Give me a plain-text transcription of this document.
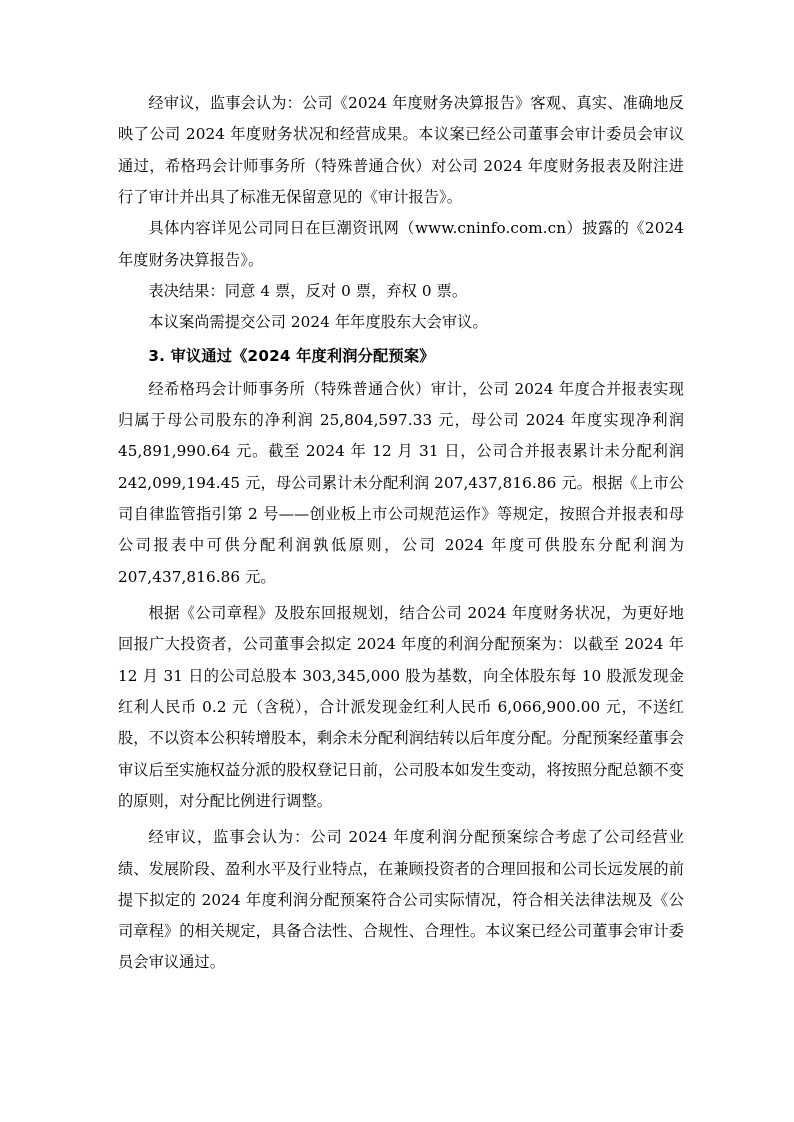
经审议，监事会认为：公司《2024 年度财务决算报告》客观、真实、准确地反映了公司 2024 年度财务状况和经营成果。本议案已经公司董事会审计委员会审议通过，希格玛会计师事务所（特殊普通合伙）对公司 2024 年度财务报表及附注进行了审计并出具了标准无保留意见的《审计报告》。

具体内容详见公司同日在巨潮资讯网（www.cninfo.com.cn）披露的《2024 年度财务决算报告》。

表决结果：同意 4 票，反对 0 票，弃权 0 票。

本议案尚需提交公司 2024 年年度股东大会审议。

3. 审议通过《2024 年度利润分配预案》

经希格玛会计师事务所（特殊普通合伙）审计，公司 2024 年度合并报表实现归属于母公司股东的净利润 25,804,597.33 元，母公司 2024 年度实现净利润 45,891,990.64 元。截至 2024 年 12 月 31 日，公司合并报表累计未分配利润 242,099,194.45 元，母公司累计未分配利润 207,437,816.86 元。根据《上市公司自律监管指引第 2 号——创业板上市公司规范运作》等规定，按照合并报表和母公司报表中可供分配利润孰低原则，公司 2024 年度可供股东分配利润为 207,437,816.86 元。

根据《公司章程》及股东回报规划，结合公司 2024 年度财务状况，为更好地回报广大投资者，公司董事会拟定 2024 年度的利润分配预案为：以截至 2024 年 12 月 31 日的公司总股本 303,345,000 股为基数，向全体股东每 10 股派发现金红利人民币 0.2 元（含税），合计派发现金红利人民币 6,066,900.00 元，不送红股，不以资本公积转增股本，剩余未分配利润结转以后年度分配。分配预案经董事会审议后至实施权益分派的股权登记日前，公司股本如发生变动，将按照分配总额不变的原则，对分配比例进行调整。

经审议，监事会认为：公司 2024 年度利润分配预案综合考虑了公司经营业绩、发展阶段、盈利水平及行业特点，在兼顾投资者的合理回报和公司长远发展的前提下拟定的 2024 年度利润分配预案符合公司实际情况，符合相关法律法规及《公司章程》的相关规定，具备合法性、合规性、合理性。本议案已经公司董事会审计委员会审议通过。
